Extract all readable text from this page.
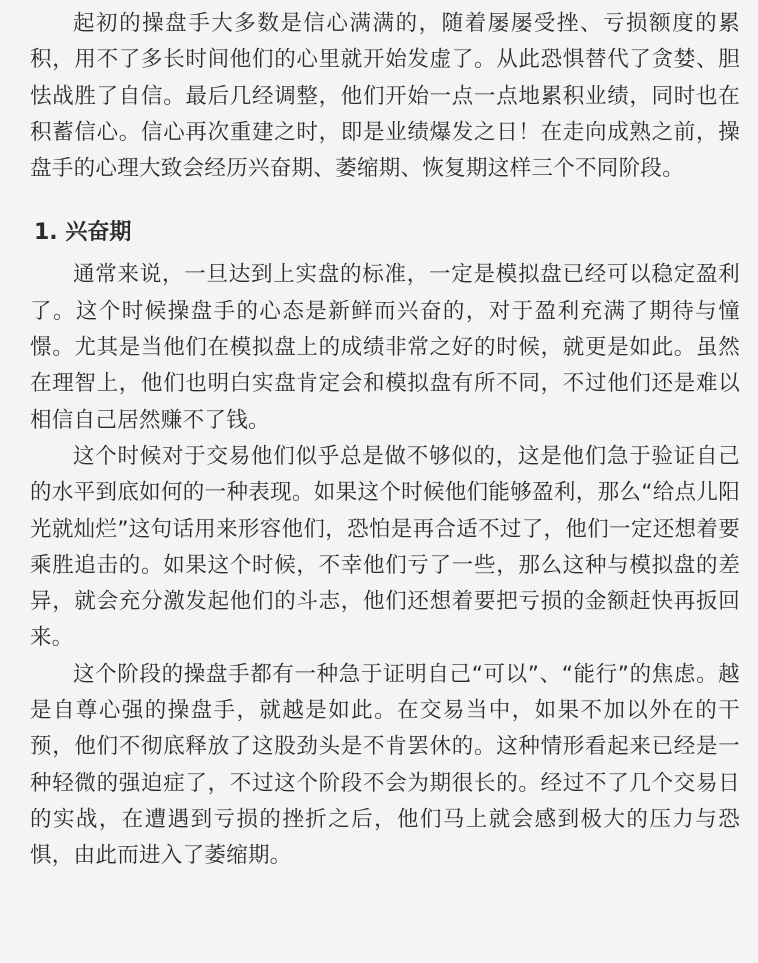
起初的操盘手大多数是信心满满的，随着屡屡受挫、亏损额度的累积，用不了多长时间他们的心里就开始发虚了。从此恐惧替代了贪婪、胆怯战胜了自信。最后几经调整，他们开始一点一点地累积业绩，同时也在积蓄信心。信心再次重建之时，即是业绩爆发之日！在走向成熟之前，操盘手的心理大致会经历兴奋期、萎缩期、恢复期这样三个不同阶段。

1. 兴奋期

通常来说，一旦达到上实盘的标准，一定是模拟盘已经可以稳定盈利了。这个时候操盘手的心态是新鲜而兴奋的，对于盈利充满了期待与憧憬。尤其是当他们在模拟盘上的成绩非常之好的时候，就更是如此。虽然在理智上，他们也明白实盘肯定会和模拟盘有所不同，不过他们还是难以相信自己居然赚不了钱。

这个时候对于交易他们似乎总是做不够似的，这是他们急于验证自己的水平到底如何的一种表现。如果这个时候他们能够盈利，那么“给点儿阳光就灿烂”这句话用来形容他们，恐怕是再合适不过了，他们一定还想着要乘胜追击的。如果这个时候，不幸他们亏了一些，那么这种与模拟盘的差异，就会充分激发起他们的斗志，他们还想着要把亏损的金额赶快再扳回来。

这个阶段的操盘手都有一种急于证明自己“可以”、“能行”的焦虑。越是自尊心强的操盘手，就越是如此。在交易当中，如果不加以外在的干预，他们不彻底释放了这股劲头是不肯罢休的。这种情形看起来已经是一种轻微的强迫症了，不过这个阶段不会为期很长的。经过不了几个交易日的实战，在遭遇到亏损的挫折之后，他们马上就会感到极大的压力与恐惧，由此而进入了萎缩期。
